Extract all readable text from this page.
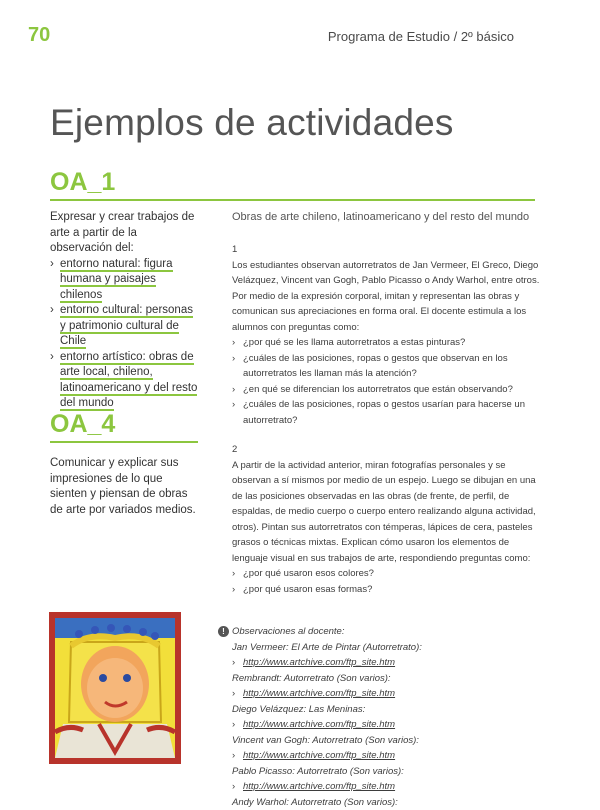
70	Programa de Estudio / 2º básico
Ejemplos de actividades
OA_1
Expresar y crear trabajos de arte a partir de la observación del:
› entorno natural: figura humana y paisajes chilenos
› entorno cultural: personas y patrimonio cultural de Chile
› entorno artístico: obras de arte local, chileno, latinoamericano y del resto del mundo
OA_4
Comunicar y explicar sus impresiones de lo que sienten y piensan de obras de arte por variados medios.
Obras de arte chileno, latinoamericano y del resto del mundo
1
Los estudiantes observan autorretratos de Jan Vermeer, El Greco, Diego Velázquez, Vincent van Gogh, Pablo Picasso o Andy Warhol, entre otros. Por medio de la expresión corporal, imitan y representan las obras y comunican sus apreciaciones en forma oral. El docente estimula a los alumnos con preguntas como:
› ¿por qué se les llama autorretratos a estas pinturas?
› ¿cuáles de las posiciones, ropas o gestos que observan en los autorretratos les llaman más la atención?
› ¿en qué se diferencian los autorretratos que están observando?
› ¿cuáles de las posiciones, ropas o gestos usarían para hacerse un autorretrato?
2
A partir de la actividad anterior, miran fotografías personales y se observan a sí mismos por medio de un espejo. Luego se dibujan en una de las posiciones observadas en las obras (de frente, de perfil, de espaldas, de medio cuerpo o cuerpo entero realizando alguna actividad, otros). Pintan sus autorretratos con témperas, lápices de cera, pasteles grasos o técnicas mixtas. Explican cómo usaron los elementos de lenguaje visual en sus trabajos de arte, respondiendo preguntas como:
› ¿por qué usaron esos colores?
› ¿por qué usaron esas formas?

! Observaciones al docente:

Jan Vermeer: El Arte de Pintar (Autorretrato):

› http://www.artchive.com/ftp_site.htm

Rembrandt: Autorretrato (Son varios):

› http://www.artchive.com/ftp_site.htm

Diego Velázquez: Las Meninas:

› http://www.artchive.com/ftp_site.htm

Vincent van Gogh: Autorretrato (Son varios):

› http://www.artchive.com/ftp_site.htm

Pablo Picasso: Autorretrato (Son varios):

› http://www.artchive.com/ftp_site.htm

Andy Warhol: Autorretrato (Son varios):
